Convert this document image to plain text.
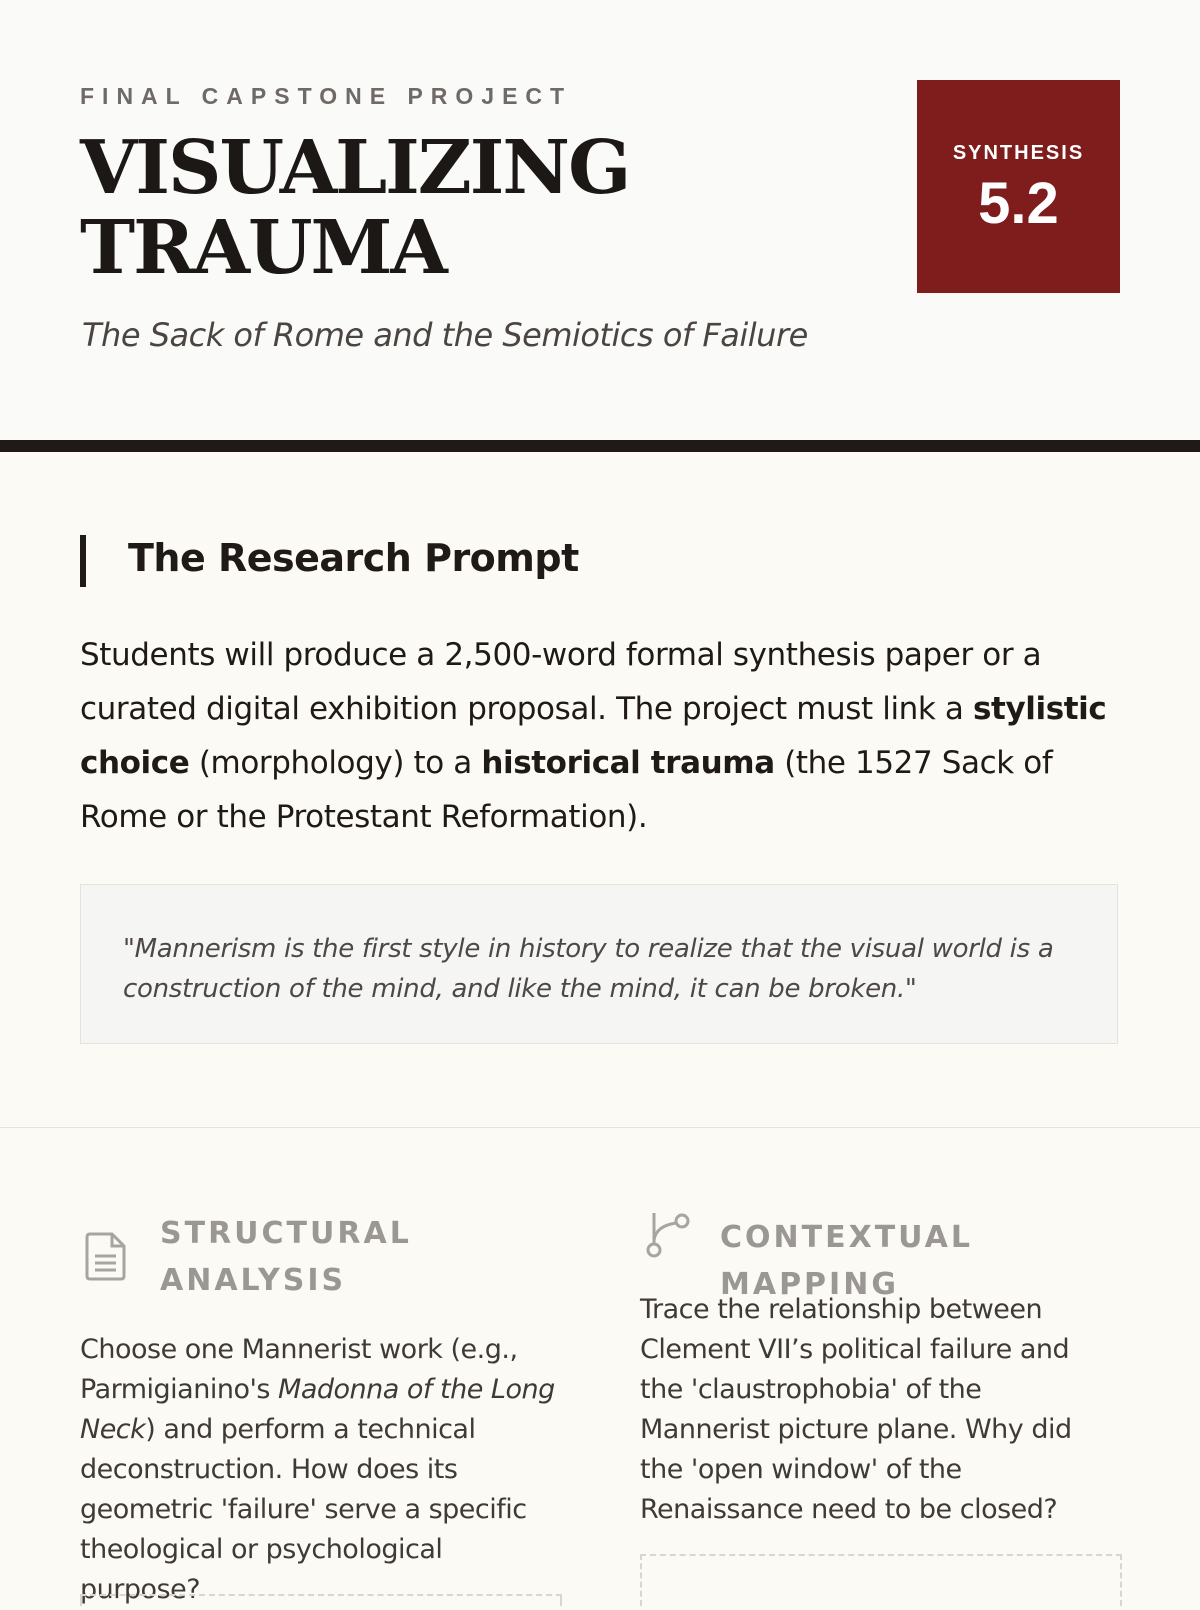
FINAL CAPSTONE PROJECT
VISUALIZING
TRAUMA
The Sack of Rome and the Semiotics of Failure
SYNTHESIS
5.2
The Research Prompt

Students will produce a 2,500-word formal synthesis paper or a curated digital exhibition proposal. The project must link a stylistic choice (morphology) to a historical trauma (the 1527 Sack of Rome or the Protestant Reformation).

"Mannerism is the first style in history to realize that the visual world is a construction of the mind, and like the mind, it can be broken."
STRUCTURAL ANALYSIS
Choose one Mannerist work (e.g., Parmigianino's Madonna of the Long Neck) and perform a technical deconstruction. How does its geometric 'failure' serve a specific theological or psychological purpose?
CONTEXTUAL MAPPING
Trace the relationship between Clement VII’s political failure and the 'claustrophobia' of the Mannerist picture plane. Why did the 'open window' of the Renaissance need to be closed?
